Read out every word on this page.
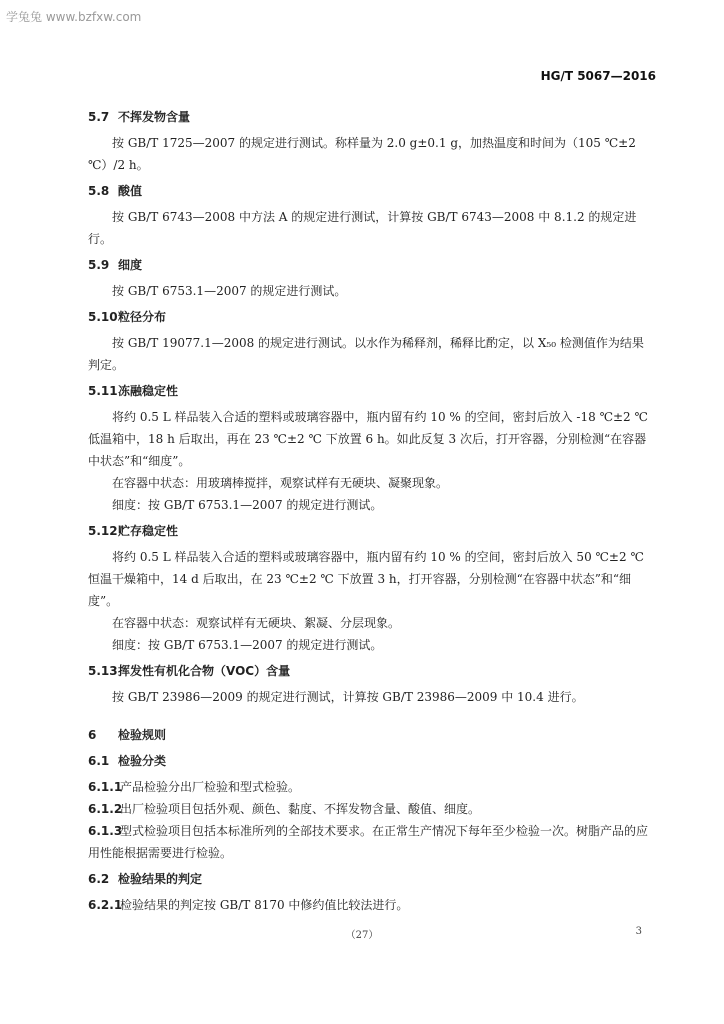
学兔兔 www.bzfxw.com
HG/T 5067—2016

5.7 不挥发物含量

按 GB/T 1725—2007 的规定进行测试。称样量为 2.0 g±0.1 g，加热温度和时间为（105 ℃±2 ℃）/2 h。

5.8 酸值

按 GB/T 6743—2008 中方法 A 的规定进行测试，计算按 GB/T 6743—2008 中 8.1.2 的规定进行。

5.9 细度

按 GB/T 6753.1—2007 的规定进行测试。

5.10粒径分布

按 GB/T 19077.1—2008 的规定进行测试。以水作为稀释剂，稀释比酌定，以 X₅₀ 检测值作为结果判定。

5.11冻融稳定性

将约 0.5 L 样品装入合适的塑料或玻璃容器中，瓶内留有约 10 % 的空间，密封后放入 -18 ℃±2 ℃低温箱中，18 h 后取出，再在 23 ℃±2 ℃ 下放置 6 h。如此反复 3 次后，打开容器，分别检测“在容器中状态”和“细度”。

在容器中状态：用玻璃棒搅拌，观察试样有无硬块、凝聚现象。

细度：按 GB/T 6753.1—2007 的规定进行测试。

5.12贮存稳定性

将约 0.5 L 样品装入合适的塑料或玻璃容器中，瓶内留有约 10 % 的空间，密封后放入 50 ℃±2 ℃恒温干燥箱中，14 d 后取出，在 23 ℃±2 ℃ 下放置 3 h，打开容器，分别检测“在容器中状态”和“细度”。

在容器中状态：观察试样有无硬块、絮凝、分层现象。

细度：按 GB/T 6753.1—2007 的规定进行测试。

5.13挥发性有机化合物（VOC）含量

按 GB/T 23986—2009 的规定进行测试，计算按 GB/T 23986—2009 中 10.4 进行。

6 检验规则

6.1 检验分类

6.1.1产品检验分出厂检验和型式检验。

6.1.2出厂检验项目包括外观、颜色、黏度、不挥发物含量、酸值、细度。

6.1.3型式检验项目包括本标准所列的全部技术要求。在正常生产情况下每年至少检验一次。树脂产品的应用性能根据需要进行检验。

6.2 检验结果的判定

6.2.1检验结果的判定按 GB/T 8170 中修约值比较法进行。

（27）	3
